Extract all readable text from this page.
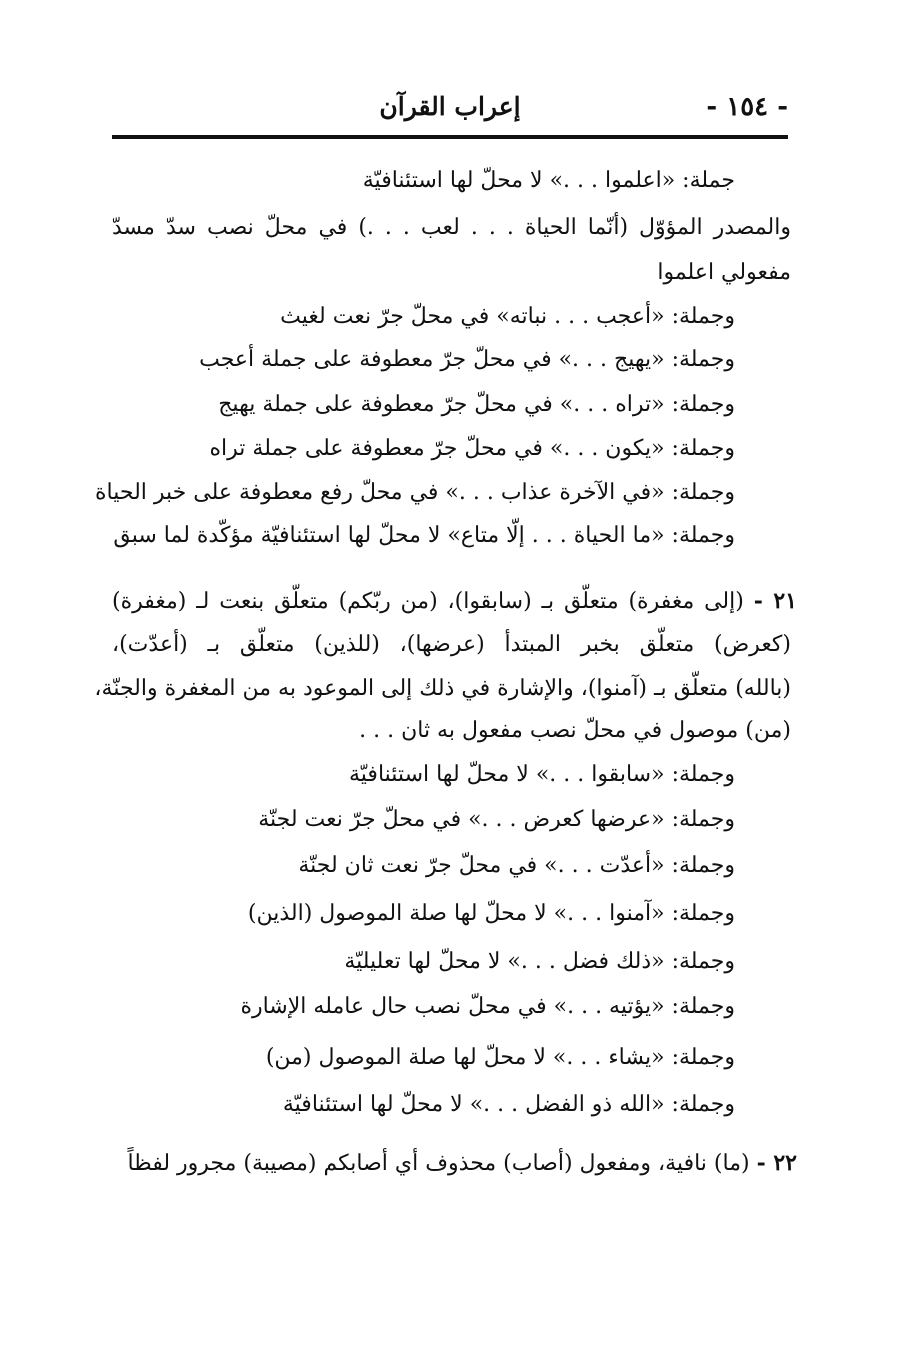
- ١٥٤ -
إعراب القرآن
جملة: «اعلموا . . .» لا محلّ لها استئنافيّة
والمصدر المؤوّل (أنّما الحياة . . . لعب . . .) في محلّ نصب سدّ مسدّ
مفعولي اعلموا
وجملة: «أعجب . . . نباته» في محلّ جرّ نعت لغيث
وجملة: «يهيج . . .» في محلّ جرّ معطوفة على جملة أعجب
وجملة: «تراه . . .» في محلّ جرّ معطوفة على جملة يهيج
وجملة: «يكون . . .» في محلّ جرّ معطوفة على جملة تراه
وجملة: «في الآخرة عذاب . . .» في محلّ رفع معطوفة على خبر الحياة
وجملة: «ما الحياة . . . إلّا متاع» لا محلّ لها استئنافيّة مؤكّدة لما سبق
٢١ - (إلى مغفرة) متعلّق بـ (سابقوا)، (من ربّكم) متعلّق بنعت لـ (مغفرة)
(كعرض) متعلّق بخبر المبتدأ (عرضها)، (للذين) متعلّق بـ (أعدّت)،
(بالله) متعلّق بـ (آمنوا)، والإشارة في ذلك إلى الموعود به من المغفرة والجنّة،
(من) موصول في محلّ نصب مفعول به ثان . . .
وجملة: «سابقوا . . .» لا محلّ لها استئنافيّة
وجملة: «عرضها كعرض . . .» في محلّ جرّ نعت لجنّة
وجملة: «أعدّت . . .» في محلّ جرّ نعت ثان لجنّة
وجملة: «آمنوا . . .» لا محلّ لها صلة الموصول (الذين)
وجملة: «ذلك فضل . . .» لا محلّ لها تعليليّة
وجملة: «يؤتيه . . .» في محلّ نصب حال عامله الإشارة
وجملة: «يشاء . . .» لا محلّ لها صلة الموصول (من)
وجملة: «الله ذو الفضل . . .» لا محلّ لها استئنافيّة
٢٢ - (ما) نافية، ومفعول (أصاب) محذوف أي أصابكم (مصيبة) مجرور لفظاً
